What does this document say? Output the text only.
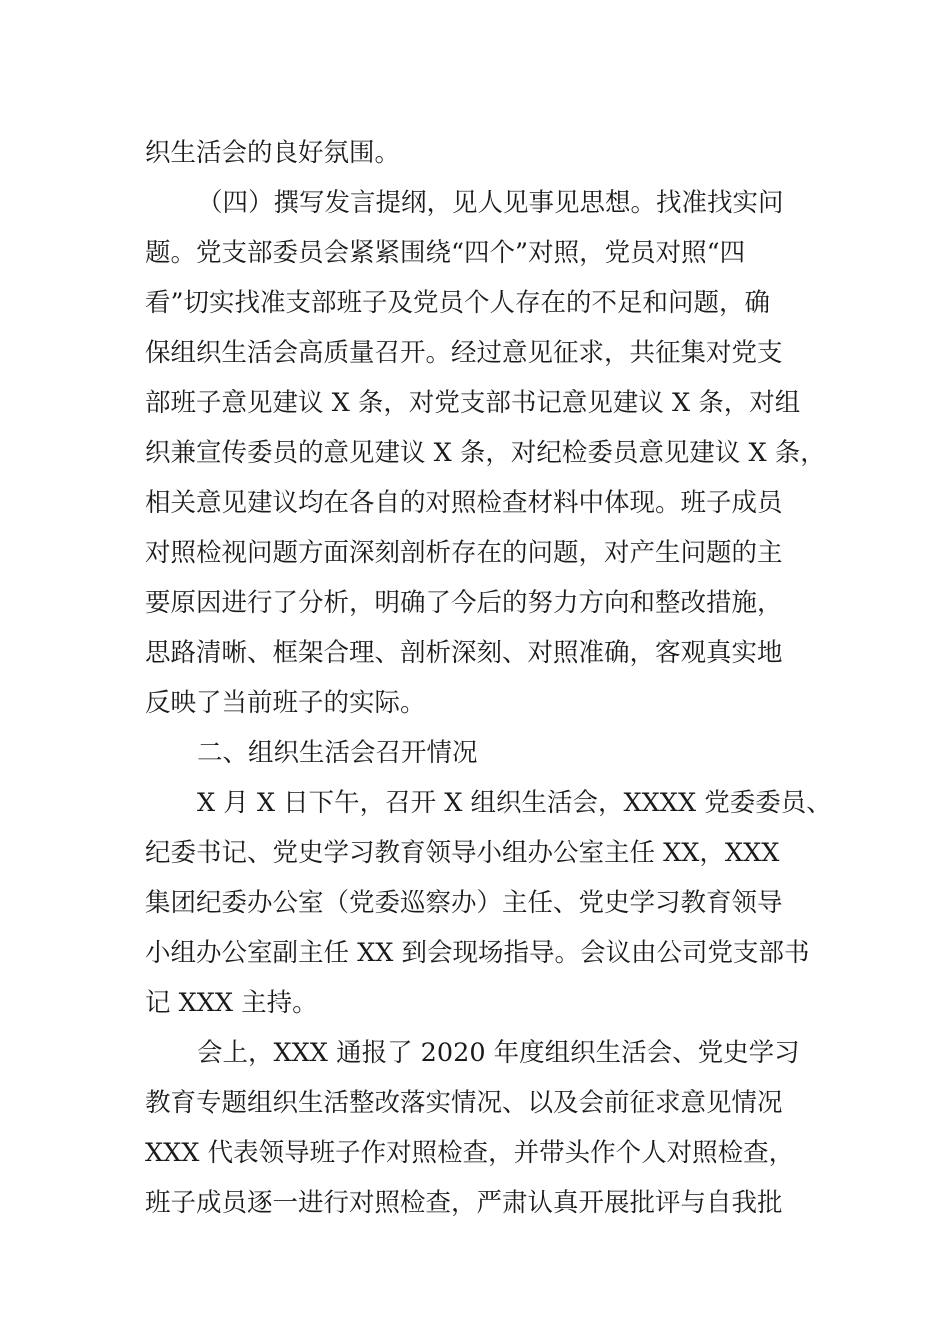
织生活会的良好氛围。
（四）撰写发言提纲，见人见事见思想。找准找实问
题。党支部委员会紧紧围绕“四个”对照，党员对照“四
看”切实找准支部班子及党员个人存在的不足和问题，确
保组织生活会高质量召开。经过意见征求，共征集对党支
部班子意见建议 X 条，对党支部书记意见建议 X 条，对组
织兼宣传委员的意见建议 X 条，对纪检委员意见建议 X 条，
相关意见建议均在各自的对照检查材料中体现。班子成员
对照检视问题方面深刻剖析存在的问题，对产生问题的主
要原因进行了分析，明确了今后的努力方向和整改措施，
思路清晰、框架合理、剖析深刻、对照准确，客观真实地
反映了当前班子的实际。
二、组织生活会召开情况
X 月 X 日下午，召开 X 组织生活会，XXXX 党委委员、
纪委书记、党史学习教育领导小组办公室主任 XX，XXX
集团纪委办公室（党委巡察办）主任、党史学习教育领导
小组办公室副主任 XX 到会现场指导。会议由公司党支部书
记 XXX 主持。
会上，XXX 通报了 2020 年度组织生活会、党史学习
教育专题组织生活整改落实情况、以及会前征求意见情况
XXX 代表领导班子作对照检查，并带头作个人对照检查，
班子成员逐一进行对照检查，严肃认真开展批评与自我批
